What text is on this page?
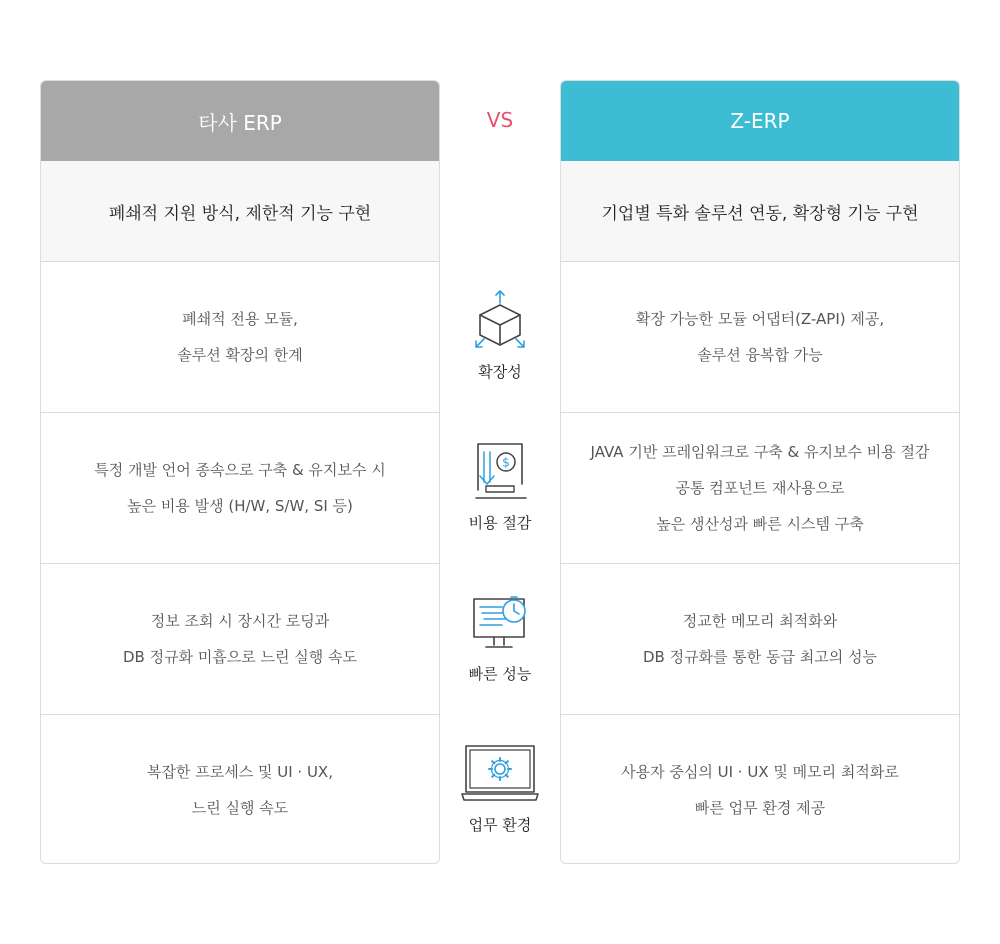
타사 ERP
폐쇄적 지원 방식, 제한적 기능 구현
폐쇄적 전용 모듈,
솔루션 확장의 한계
특정 개발 언어 종속으로 구축 & 유지보수 시
높은 비용 발생 (H/W, S/W, SI 등)
정보 조회 시 장시간 로딩과
DB 정규화 미흡으로 느린 실행 속도
복잡한 프로세스 및 UI · UX,
느린 실행 속도
VS
확장성
$
비용 절감
빠른 성능
업무 환경
Z-ERP
기업별 특화 솔루션 연동, 확장형 기능 구현
확장 가능한 모듈 어댑터(Z-API) 제공,
솔루션 융복합 가능
JAVA 기반 프레임워크로 구축 & 유지보수 비용 절감
공통 컴포넌트 재사용으로
높은 생산성과 빠른 시스템 구축
정교한 메모리 최적화와
DB 정규화를 통한 동급 최고의 성능
사용자 중심의 UI · UX 및 메모리 최적화로
빠른 업무 환경 제공
